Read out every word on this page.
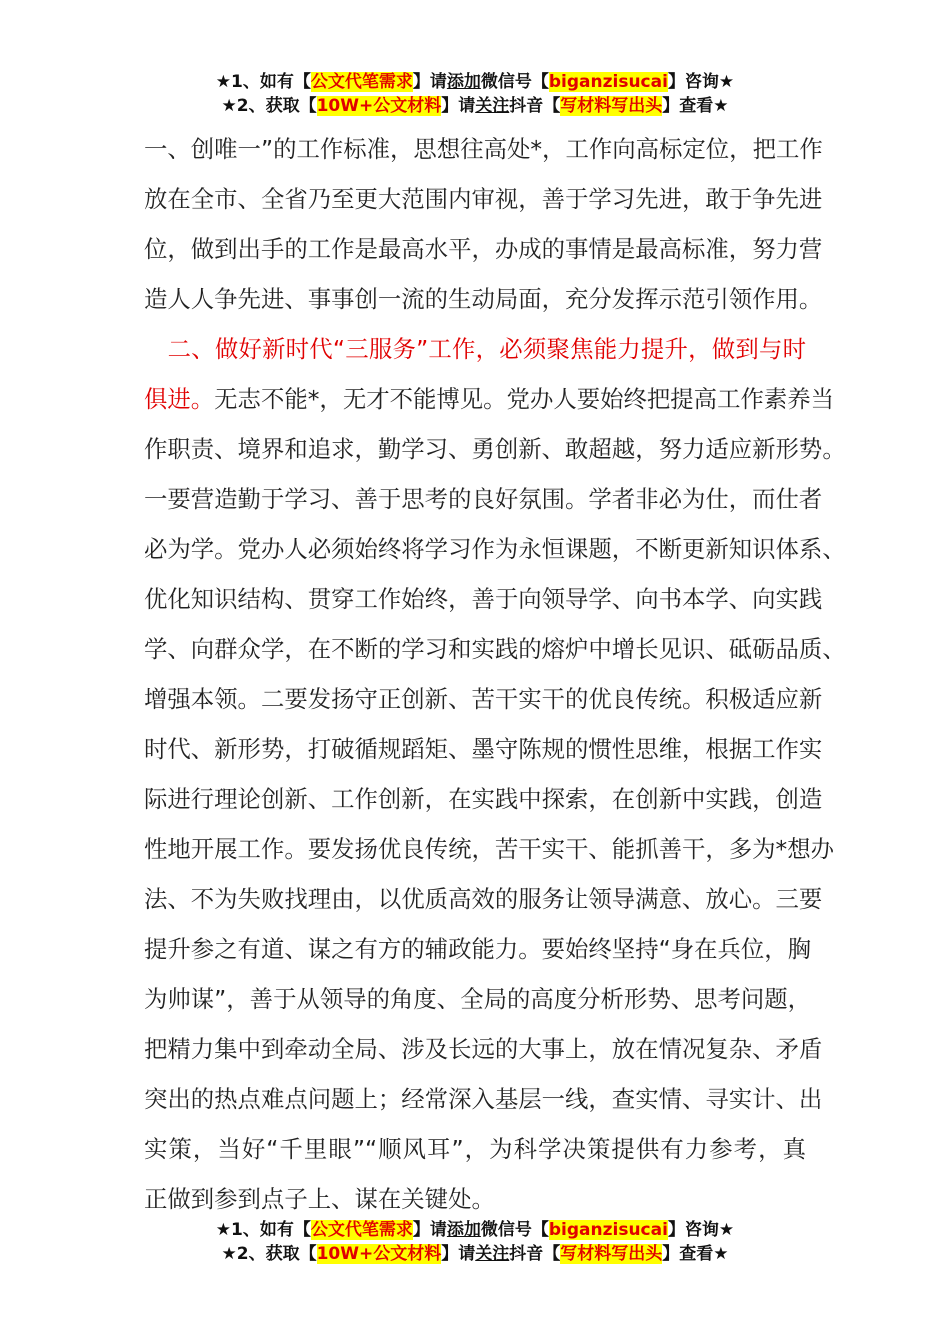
★1、如有【公文代笔需求】请添加微信号【biganzisucai】咨询★
★2、获取【10W+公文材料】请关注抖音【写材料写出头】查看★
一、创唯一”的工作标准，思想往高处*，工作向高标定位，把工作
放在全市、全省乃至更大范围内审视，善于学习先进，敢于争先进
位，做到出手的工作是最高水平，办成的事情是最高标准，努力营
造人人争先进、事事创一流的生动局面，充分发挥示范引领作用。
　二、做好新时代“三服务”工作，必须聚焦能力提升，做到与时
俱进。无志不能*，无才不能博见。党办人要始终把提高工作素养当
作职责、境界和追求，勤学习、勇创新、敢超越，努力适应新形势。
一要营造勤于学习、善于思考的良好氛围。学者非必为仕，而仕者
必为学。党办人必须始终将学习作为永恒课题，不断更新知识体系、
优化知识结构、贯穿工作始终，善于向领导学、向书本学、向实践
学、向群众学，在不断的学习和实践的熔炉中增长见识、砥砺品质、
增强本领。二要发扬守正创新、苦干实干的优良传统。积极适应新
时代、新形势，打破循规蹈矩、墨守陈规的惯性思维，根据工作实
际进行理论创新、工作创新，在实践中探索，在创新中实践，创造
性地开展工作。要发扬优良传统，苦干实干、能抓善干，多为*想办
法、不为失败找理由，以优质高效的服务让领导满意、放心。三要
提升参之有道、谋之有方的辅政能力。要始终坚持“身在兵位，胸
为帅谋”，善于从领导的角度、全局的高度分析形势、思考问题，
把精力集中到牵动全局、涉及长远的大事上，放在情况复杂、矛盾
突出的热点难点问题上；经常深入基层一线，查实情、寻实计、出
实策，当好“千里眼”“顺风耳”，为科学决策提供有力参考，真
正做到参到点子上、谋在关键处。
★1、如有【公文代笔需求】请添加微信号【biganzisucai】咨询★
★2、获取【10W+公文材料】请关注抖音【写材料写出头】查看★
